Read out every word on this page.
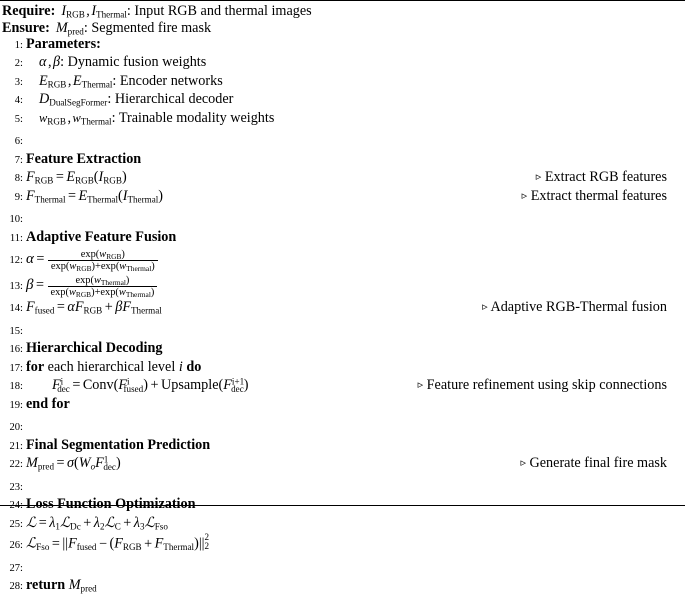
Require: $I_{RGB}$ , $I_{Thermal}$ : Input RGB and thermal images
Ensure: $M_{pred}$ : Segmented fire mask
1: Parameters:
2: α , β : Dynamic fusion weights
3: $E_{RGB}$ , $E_{Thermal}$ : Encoder networks
4: $D_{DualSegFormer}$ : Hierarchical decoder
5: $w_{RGB}$ , $w_{Thermal}$ : Trainable modality weights
6:
7: Feature Extraction
8: $F_{RGB} = E_{RGB}(I_{RGB})$	▹ Extract RGB features
9: $F_{Thermal} = E_{Thermal}(I_{Thermal})$	▹ Extract thermal features
10:
11: Adaptive Feature Fusion
12: $\alpha = \frac{\exp(w_{RGB})}{\exp(w_{RGB})+\exp(w_{Thermal})}$
13: $\beta = \frac{\exp(w_{Thermal})}{\exp(w_{RGB})+\exp(w_{Thermal})}$
14: $F_{fused} = \alpha F_{RGB} + \beta F_{Thermal}$	▹ Adaptive RGB-Thermal fusion
15:
16: Hierarchical Decoding
17: for
each hierarchical level
i
do
18: $F^i_{dec}$ = $Conv(F^i_{fused})$ + $Upsample(F^{i+1}_{dec})$	▹ Feature refinement using skip connections
19: end for
20:
21: Final Segmentation Prediction
22: $M_{pred} = \sigma(W_oF^1_{dec})$	▹ Generate final fire mask
23:
24: Loss Function Optimization
25: ℒ = $\lambda_1ℒ_{Dc}$ + $\lambda_2ℒ_C$ + $\lambda_3ℒ_{Fso}$
26: ℒ$_{Fso}$ = $||F_{fused} - (F_{RGB} + F_{Thermal})||$ 2
2
27:
28: return
$M_{pred}$
